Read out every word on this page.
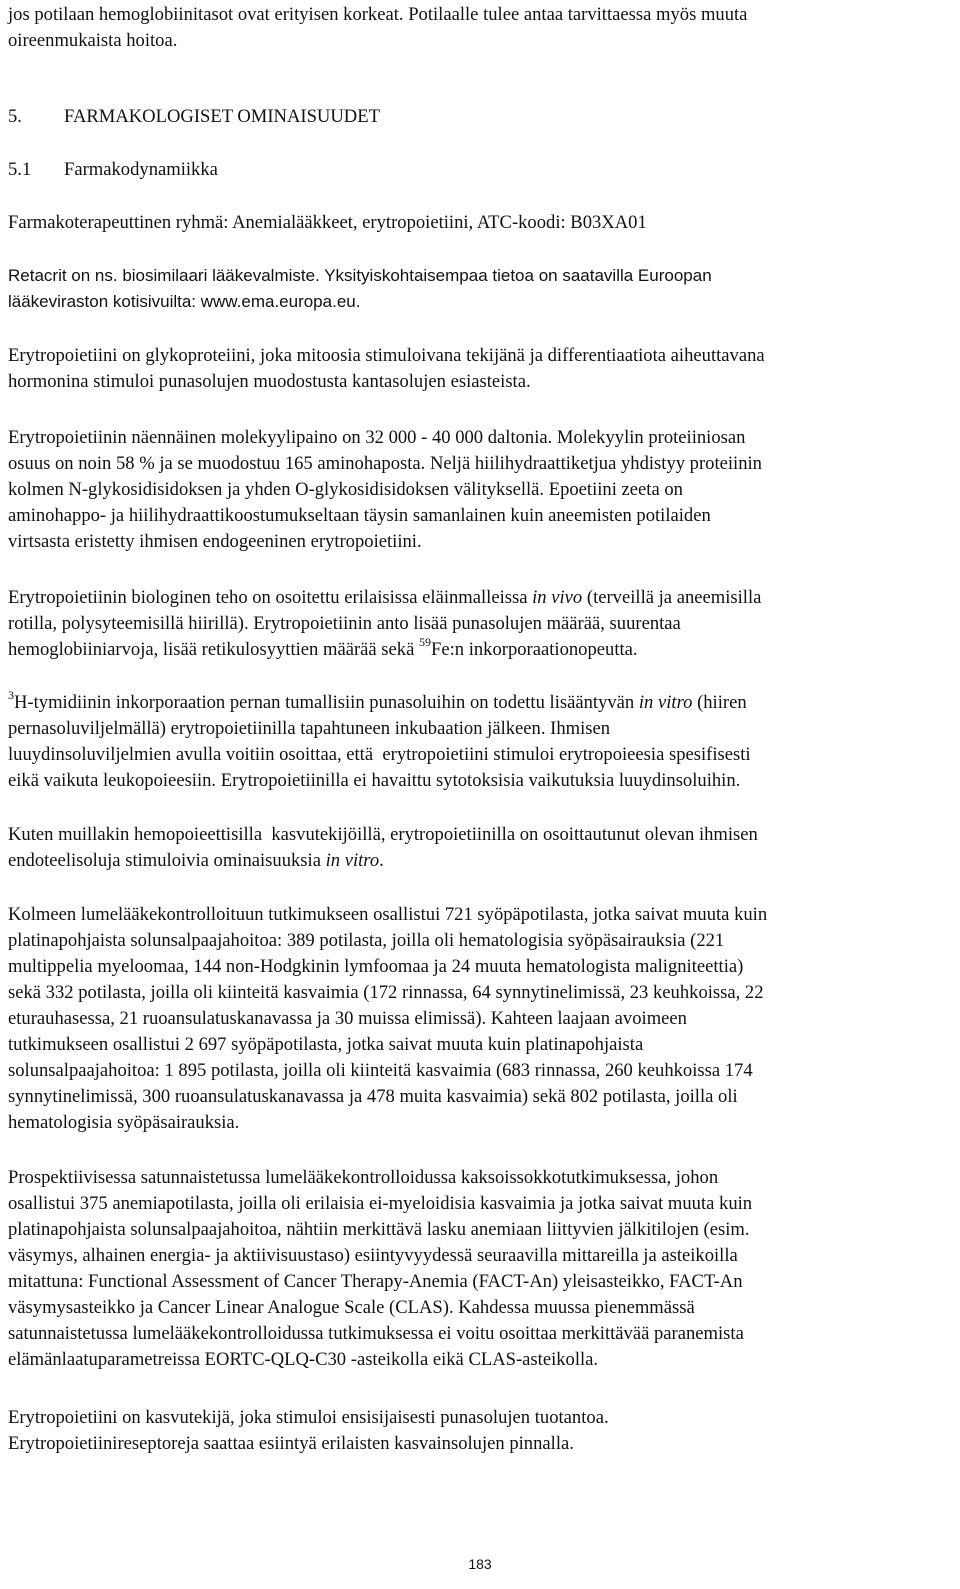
jos potilaan hemoglobiinitasot ovat erityisen korkeat. Potilaalle tulee antaa tarvittaessa myös muuta
oireenmukaista hoitoa.

5. FARMAKOLOGISET OMINAISUUDET
5.1 Farmakodynamiikka

Farmakoterapeuttinen ryhmä: Anemialääkkeet, erytropoietiini, ATC-koodi: B03XA01

Retacrit on ns. biosimilaari lääkevalmiste. Yksityiskohtaisempaa tietoa on saatavilla Euroopan
lääkeviraston kotisivuilta: www.ema.europa.eu.

Erytropoietiini on glykoproteiini, joka mitoosia stimuloivana tekijänä ja differentiaatiota aiheuttavana
hormonina stimuloi punasolujen muodostusta kantasolujen esiasteista.

Erytropoietiinin näennäinen molekyylipaino on 32 000 - 40 000 daltonia. Molekyylin proteiiniosan
osuus on noin 58 % ja se muodostuu 165 aminohaposta. Neljä hiilihydraattiketjua yhdistyy proteiinin
kolmen N-glykosidisidoksen ja yhden O-glykosidisidoksen välityksellä. Epoetiini zeeta on
aminohappo- ja hiilihydraattikoostumukseltaan täysin samanlainen kuin aneemisten potilaiden
virtsasta eristetty ihmisen endogeeninen erytropoietiini.

Erytropoietiinin biologinen teho on osoitettu erilaisissa eläinmalleissa in vivo (terveillä ja aneemisilla
rotilla, polysyteemisillä hiirillä). Erytropoietiinin anto lisää punasolujen määrää, suurentaa
hemoglobiiniarvoja, lisää retikulosyyttien määrää sekä $^{59}$Fe:n inkorporaationopeutta.

$^3$H-tymidiinin inkorporaation pernan tumallisiin punasoluihin on todettu lisääntyvän in vitro (hiiren
pernasoluviljelmällä) erytropoietiinilla tapahtuneen inkubaation jälkeen. Ihmisen
luuydinsoluviljelmien avulla voitiin osoittaa, että  erytropoietiini stimuloi erytropoieesia spesifisesti
eikä vaikuta leukopoieesiin. Erytropoietiinilla ei havaittu sytotoksisia vaikutuksia luuydinsoluihin.

Kuten muillakin hemopoieettisilla  kasvutekijöillä, erytropoietiinilla on osoittautunut olevan ihmisen
endoteelisoluja stimuloivia ominaisuuksia in vitro.

Kolmeen lumelääkekontrolloituun tutkimukseen osallistui 721 syöpäpotilasta, jotka saivat muuta kuin
platinapohjaista solunsalpaajahoitoa: 389 potilasta, joilla oli hematologisia syöpäsairauksia (221
multippelia myeloomaa, 144 non-Hodgkinin lymfoomaa ja 24 muuta hematologista maligniteettia)
sekä 332 potilasta, joilla oli kiinteitä kasvaimia (172 rinnassa, 64 synnytinelimissä, 23 keuhkoissa, 22
eturauhasessa, 21 ruoansulatuskanavassa ja 30 muissa elimissä). Kahteen laajaan avoimeen
tutkimukseen osallistui 2 697 syöpäpotilasta, jotka saivat muuta kuin platinapohjaista
solunsalpaajahoitoa: 1 895 potilasta, joilla oli kiinteitä kasvaimia (683 rinnassa, 260 keuhkoissa 174
synnytinelimissä, 300 ruoansulatuskanavassa ja 478 muita kasvaimia) sekä 802 potilasta, joilla oli
hematologisia syöpäsairauksia.

Prospektiivisessa satunnaistetussa lumelääkekontrolloidussa kaksoissokkotutkimuksessa, johon
osallistui 375 anemiapotilasta, joilla oli erilaisia ei-myeloidisia kasvaimia ja jotka saivat muuta kuin
platinapohjaista solunsalpaajahoitoa, nähtiin merkittävä lasku anemiaan liittyvien jälkitilojen (esim.
väsymys, alhainen energia- ja aktiivisuustaso) esiintyvyydessä seuraavilla mittareilla ja asteikoilla
mitattuna: Functional Assessment of Cancer Therapy-Anemia (FACT-An) yleisasteikko, FACT-An
väsymysasteikko ja Cancer Linear Analogue Scale (CLAS). Kahdessa muussa pienemmässä
satunnaistetussa lumelääkekontrolloidussa tutkimuksessa ei voitu osoittaa merkittävää paranemista
elämänlaatuparametreissa EORTC-QLQ-C30 -asteikolla eikä CLAS-asteikolla.

Erytropoietiini on kasvutekijä, joka stimuloi ensisijaisesti punasolujen tuotantoa.
Erytropoietiinireseptoreja saattaa esiintyä erilaisten kasvainsolujen pinnalla.

183
